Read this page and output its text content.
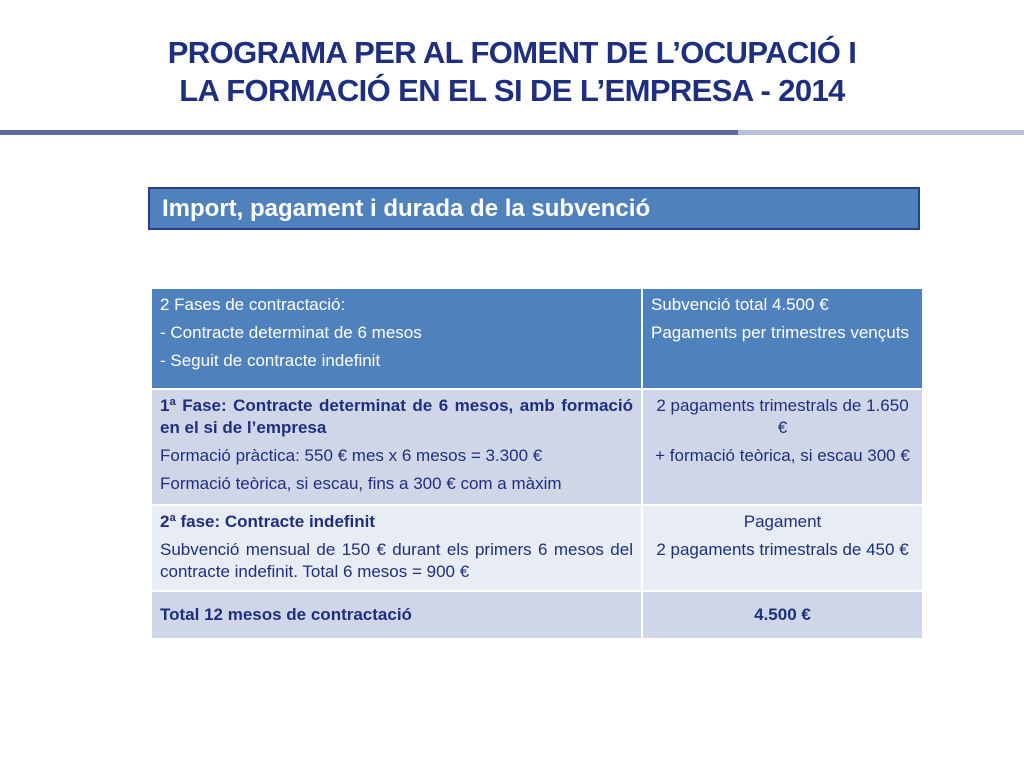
PROGRAMA PER AL FOMENT DE L’OCUPACIÓ I
LA FORMACIÓ EN EL SI DE L’EMPRESA - 2014
Import, pagament i durada de la subvenció
2 Fases de contractació:
- Contracte determinat de 6 mesos
- Seguit de contracte indefinit	Subvenció total 4.500 €
Pagaments per trimestres vençuts

1ª Fase: Contracte determinat de 6 mesos, amb formació en el si de l’empresa
Formació pràctica: 550 € mes x 6 mesos = 3.300 €
Formació teòrica, si escau, fins a 300 € com a màxim	2 pagaments trimestrals de 1.650 €
+ formació teòrica, si escau 300 €

2ª fase: Contracte indefinit
Subvenció mensual de 150 € durant els primers 6 mesos del contracte indefinit. Total 6 mesos = 900 €	Pagament
2 pagaments trimestrals de 450 €

Total 12 mesos de contractació	4.500 €
